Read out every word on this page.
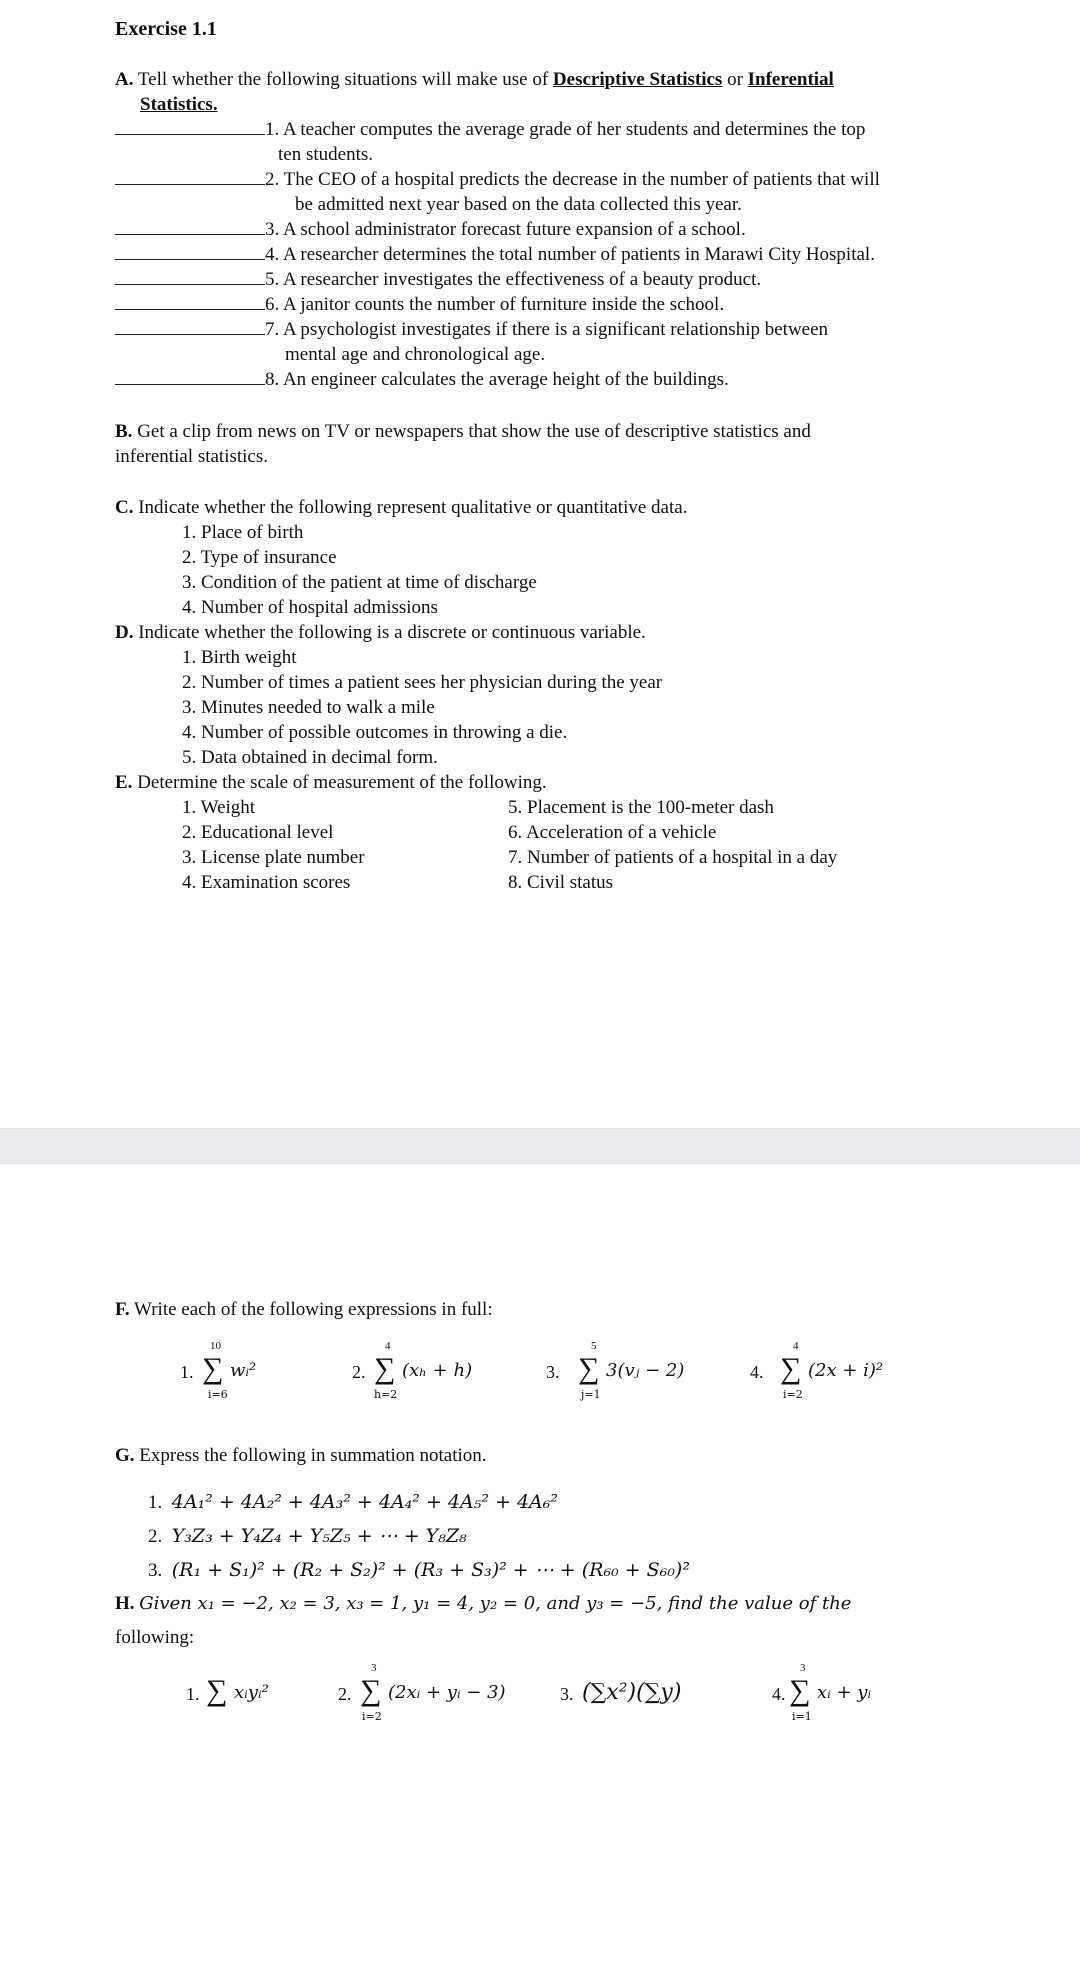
Exercise 1.1
A. Tell whether the following situations will make use of Descriptive Statistics or Inferential
Statistics.
1. A teacher computes the average grade of her students and determines the top
ten students.
2. The CEO of a hospital predicts the decrease in the number of patients that will
be admitted next year based on the data collected this year.
3. A school administrator forecast future expansion of a school.
4. A researcher determines the total number of patients in Marawi City Hospital.
5. A researcher investigates the effectiveness of a beauty product.
6. A janitor counts the number of furniture inside the school.
7. A psychologist investigates if there is a significant relationship between
mental age and chronological age.
8. An engineer calculates the average height of the buildings.
B. Get a clip from news on TV or newspapers that show the use of descriptive statistics and
inferential statistics.
C. Indicate whether the following represent qualitative or quantitative data.
1. Place of birth
2. Type of insurance
3. Condition of the patient at time of discharge
4. Number of hospital admissions
D. Indicate whether the following is a discrete or continuous variable.
1. Birth weight
2. Number of times a patient sees her physician during the year
3. Minutes needed to walk a mile
4. Number of possible outcomes in throwing a die.
5. Data obtained in decimal form.
E. Determine the scale of measurement of the following.
1. Weight
2. Educational level
3. License plate number
4. Examination scores
5. Placement is the 100-meter dash
6. Acceleration of a vehicle
7. Number of patients of a hospital in a day
8. Civil status
F. Write each of the following expressions in full:
1.
10
∑
i=6
wᵢ²	2.
4
∑
h=2
(xₕ + h)	3.
5
∑
j=1
3(vⱼ − 2)	4.
4
∑
i=2
(2x + i)²
G. Express the following in summation notation.
1. 4A₁² + 4A₂² + 4A₃² + 4A₄² + 4A₅² + 4A₆²
2. Y₃Z₃ + Y₄Z₄ + Y₅Z₅ + ⋯ + Y₈Z₈
3. (R₁ + S₁)² + (R₂ + S₂)² + (R₃ + S₃)² + ⋯ + (R₆₀ + S₆₀)²
H. Given x₁ = −2, x₂ = 3, x₃ = 1, y₁ = 4, y₂ = 0, and y₃ = −5, find the value of the
following:
1. ∑ xᵢyᵢ²	2.
3
∑
i=2
(2xᵢ + yᵢ − 3)	3. (∑x²)(∑y)	4.
3
∑
i=1
xᵢ + yᵢ
